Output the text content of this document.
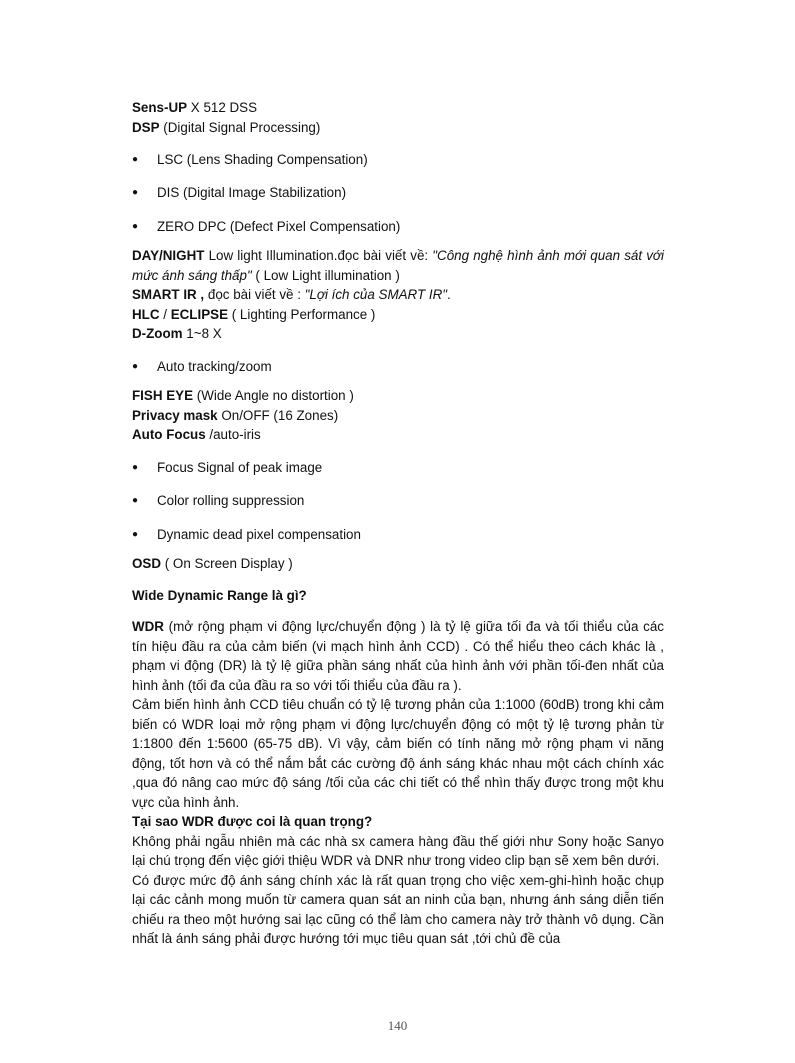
Sens-UP X 512 DSS
DSP (Digital Signal Processing)
● LSC (Lens Shading Compensation)
● DIS (Digital Image Stabilization)
● ZERO DPC (Defect Pixel Compensation)
DAY/NIGHT Low light Illumination.đọc bài viết về: "Công nghệ hình ảnh mới quan sát với mức ánh sáng thấp" ( Low Light illumination )
SMART IR , đọc bài viết về : "Lợi ích của SMART IR".
HLC / ECLIPSE ( Lighting Performance )
D-Zoom 1~8 X
● Auto tracking/zoom
FISH EYE (Wide Angle no distortion )
Privacy mask On/OFF (16 Zones)
Auto Focus /auto-iris
● Focus Signal of peak image
● Color rolling suppression
● Dynamic dead pixel compensation
OSD ( On Screen Display )
Wide Dynamic Range là gì?
WDR (mở rộng phạm vi động lực/chuyển động ) là tỷ lệ giữa tối đa và tối thiểu của các tín hiệu đầu ra của cảm biến (vi mạch hình ảnh CCD) . Có thể hiểu theo cách khác là , phạm vi động (DR) là tỷ lệ giữa phần sáng nhất của hình ảnh với phần tối-đen nhất của hình ảnh (tối đa của đầu ra so với tối thiểu của đầu ra ).
Cảm biến hình ảnh CCD tiêu chuẩn có tỷ lệ tương phản của 1:1000 (60dB) trong khi cảm biến có WDR loại mở rộng phạm vi động lực/chuyển động có một tỷ lệ tương phản từ 1:1800 đến 1:5600 (65-75 dB). Vì vậy, cảm biến có tính năng mở rộng phạm vi năng động, tốt hơn và có thể nắm bắt các cường độ ánh sáng khác nhau một cách chính xác ,qua đó nâng cao mức độ sáng /tối của các chi tiết có thể nhìn thấy được trong một khu vực của hình ảnh.
Tại sao WDR được coi là quan trọng?
Không phải ngẫu nhiên mà các nhà sx camera hàng đầu thế giới như Sony hoặc Sanyo lại chú trọng đến việc giới thiệu WDR và DNR như trong video clip bạn sẽ xem bên dưới.
Có được mức độ ánh sáng chính xác là rất quan trọng cho việc xem-ghi-hình hoặc chụp lại các cảnh mong muốn từ camera quan sát an ninh của bạn, nhưng ánh sáng diễn tiến chiếu ra theo một hướng sai lạc cũng có thể làm cho camera này trở thành vô dụng. Cần nhất là ánh sáng phải được hướng tới mục tiêu quan sát ,tới chủ đề của
140
